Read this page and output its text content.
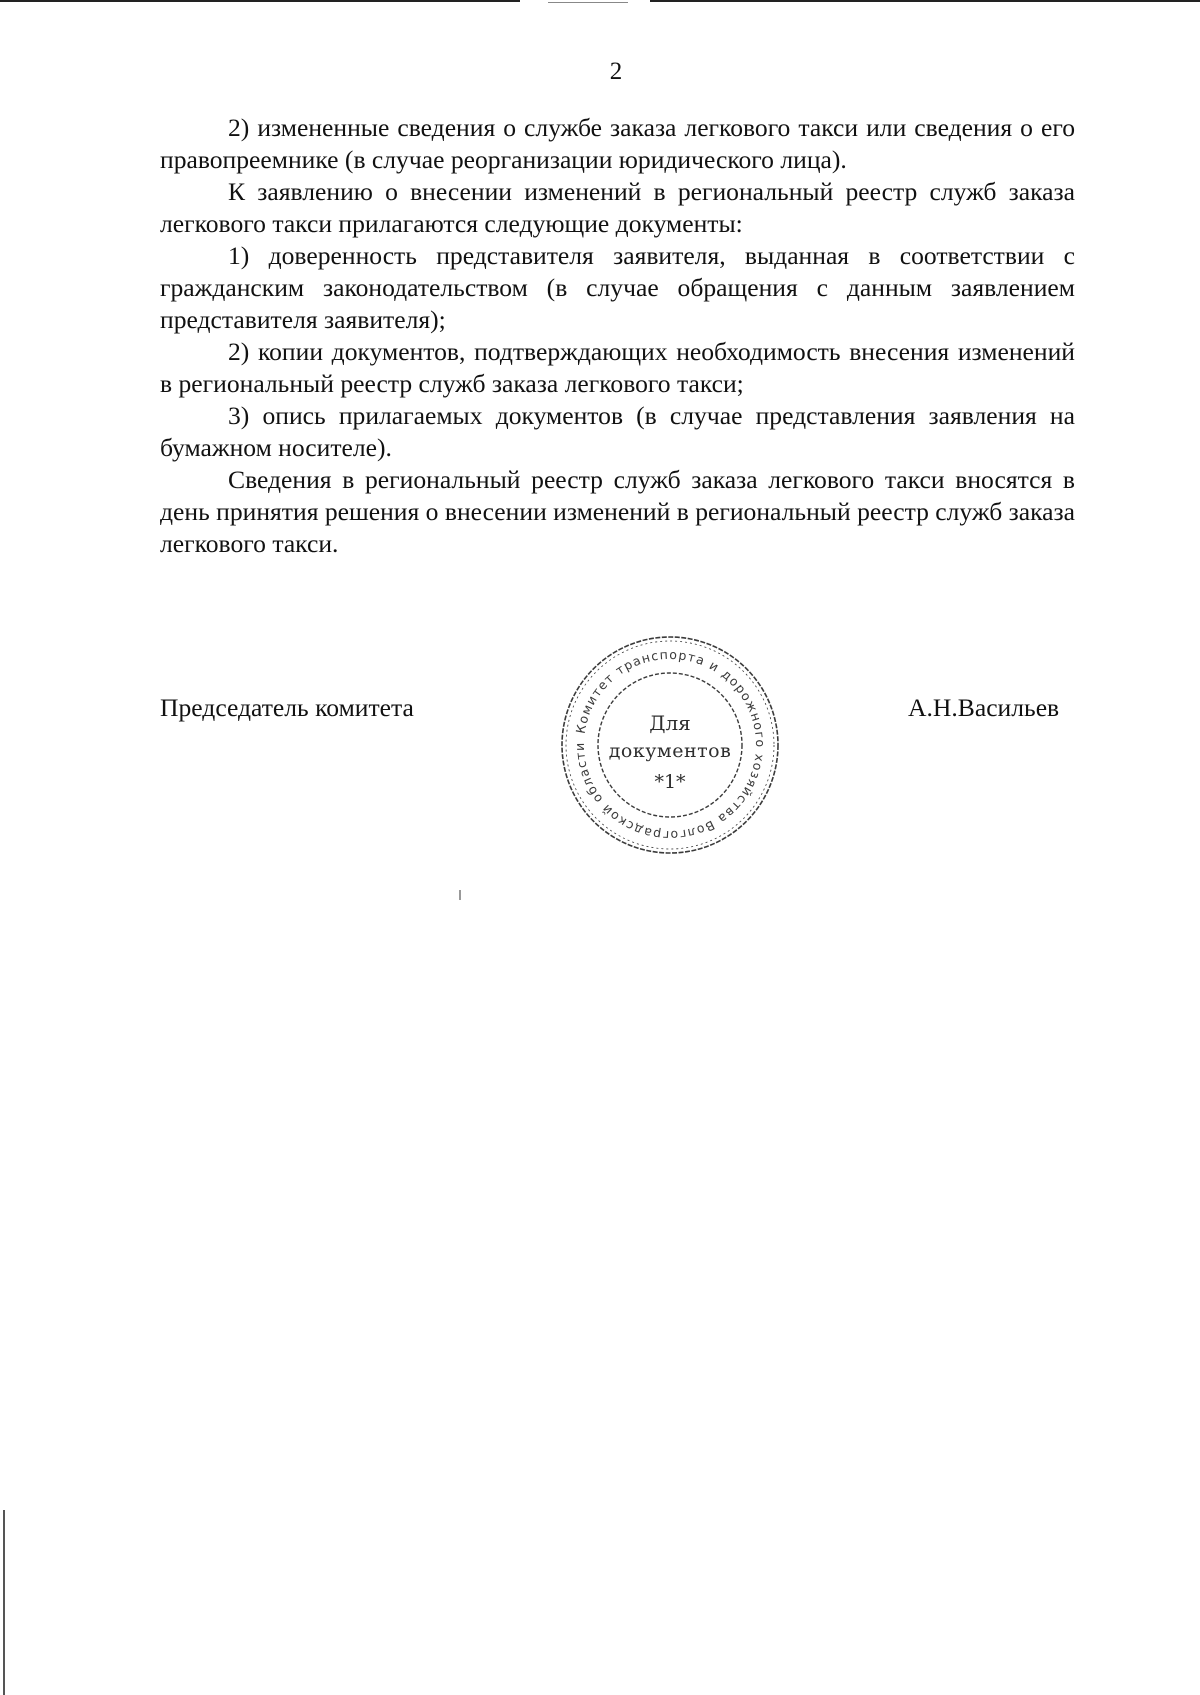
2

2) измененные сведения о службе заказа легкового такси или сведения о его правопреемнике (в случае реорганизации юридического лица).

К заявлению о внесении изменений в региональный реестр служб заказа легкового такси прилагаются следующие документы:

1) доверенность представителя заявителя, выданная в соответствии с гражданским законодательством (в случае обращения с данным заявлением представителя заявителя);

2) копии документов, подтверждающих необходимость внесения изменений в региональный реестр служб заказа легкового такси;

3) опись прилагаемых документов (в случае представления заявления на бумажном носителе).

Сведения в региональный реестр служб заказа легкового такси вносятся в день принятия решения о внесении изменений в региональный реестр служб заказа легкового такси.

Председатель комитета	А.Н.Васильев
Комитет транспорта и дорожного хозяйства Волгоградской области
Для
документов
*1*
